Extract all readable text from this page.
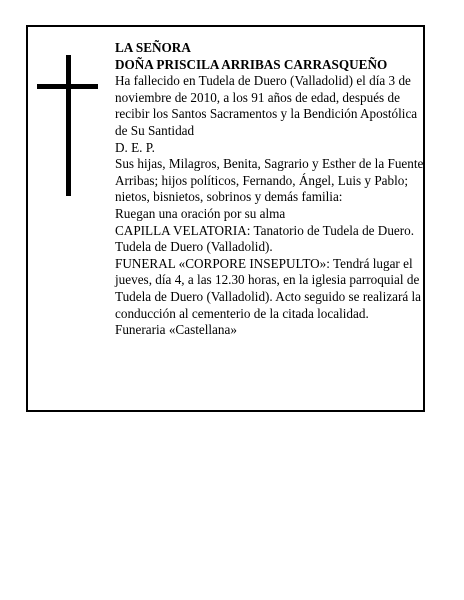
LA SEÑORA

DOÑA PRISCILA ARRIBAS CARRASQUEÑO

Ha fallecido en Tudela de Duero (Valladolid) el día 3 de noviembre de 2010, a los 91 años de edad, después de recibir los Santos Sacramentos y la Bendición Apostólica de Su Santidad

D. E. P.

Sus hijas, Milagros, Benita, Sagrario y Esther de la Fuente Arribas; hijos políticos, Fernando, Ángel, Luis y Pablo; nietos, bisnietos, sobrinos y demás familia:

Ruegan una oración por su alma

CAPILLA VELATORIA: Tanatorio de Tudela de Duero. Tudela de Duero (Valladolid).

FUNERAL «CORPORE INSEPULTO»: Tendrá lugar el jueves, día 4, a las 12.30 horas, en la iglesia parroquial de Tudela de Duero (Valladolid). Acto seguido se realizará la conducción al cementerio de la citada localidad.

Funeraria «Castellana»
